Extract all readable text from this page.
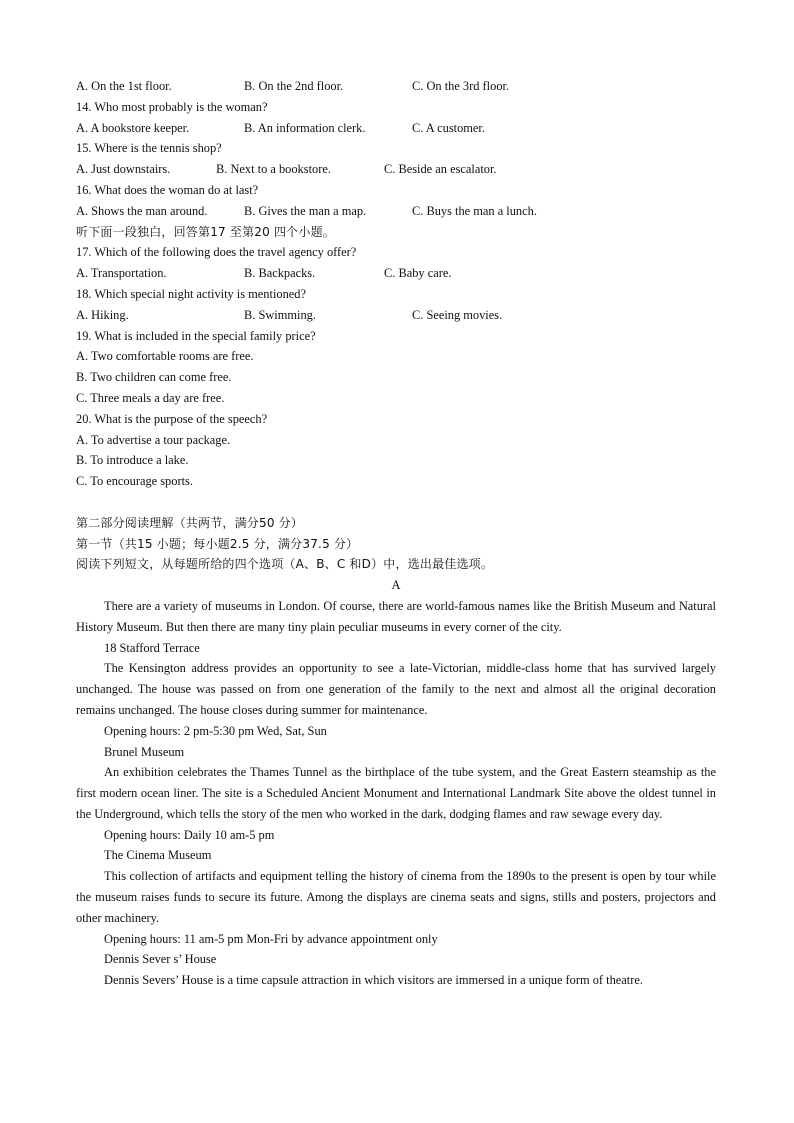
A. On the 1st floor.	B. On the 2nd floor.	C. On the 3rd floor.
14. Who most probably is the woman?
A. A bookstore keeper.	B. An information clerk.	C. A customer.
15. Where is the tennis shop?
A. Just downstairs.	B. Next to a bookstore.	C. Beside an escalator.
16. What does the woman do at last?
A. Shows the man around.	B. Gives the man a map.	C. Buys the man a lunch.
听下面一段独白，回答第17 至第20 四个小题。
17. Which of the following does the travel agency offer?
A. Transportation.	B. Backpacks.	C. Baby care.
18. Which special night activity is mentioned?
A. Hiking.	B. Swimming.	C. Seeing movies.
19. What is included in the special family price?
A. Two comfortable rooms are free.
B. Two children can come free.
C. Three meals a day are free.
20. What is the purpose of the speech?
A. To advertise a tour package.
B. To introduce a lake.
C. To encourage sports.
第二部分阅读理解（共两节，满分50 分）
第一节（共15 小题；每小题2.5 分，满分37.5 分）
阅读下列短文，从每题所给的四个选项（A、B、C 和D）中，选出最佳选项。
A
There are a variety of museums in London. Of course, there are world-famous names like the British Museum and Natural History Museum. But then there are many tiny plain peculiar museums in every corner of the city.
18 Stafford Terrace
The Kensington address provides an opportunity to see a late-Victorian, middle-class home that has survived largely unchanged. The house was passed on from one generation of the family to the next and almost all the original decoration remains unchanged. The house closes during summer for maintenance.
Opening hours: 2 pm-5:30 pm Wed, Sat, Sun
Brunel Museum
An exhibition celebrates the Thames Tunnel as the birthplace of the tube system, and the Great Eastern steamship as the first modern ocean liner. The site is a Scheduled Ancient Monument and International Landmark Site above the oldest tunnel in the Underground, which tells the story of the men who worked in the dark, dodging flames and raw sewage every day.
Opening hours: Daily 10 am-5 pm
The Cinema Museum
This collection of artifacts and equipment telling the history of cinema from the 1890s to the present is open by tour while the museum raises funds to secure its future. Among the displays are cinema seats and signs, stills and posters, projectors and other machinery.
Opening hours: 11 am-5 pm Mon-Fri by advance appointment only
Dennis Sever s’ House
Dennis Severs’ House is a time capsule attraction in which visitors are immersed in a unique form of theatre.
